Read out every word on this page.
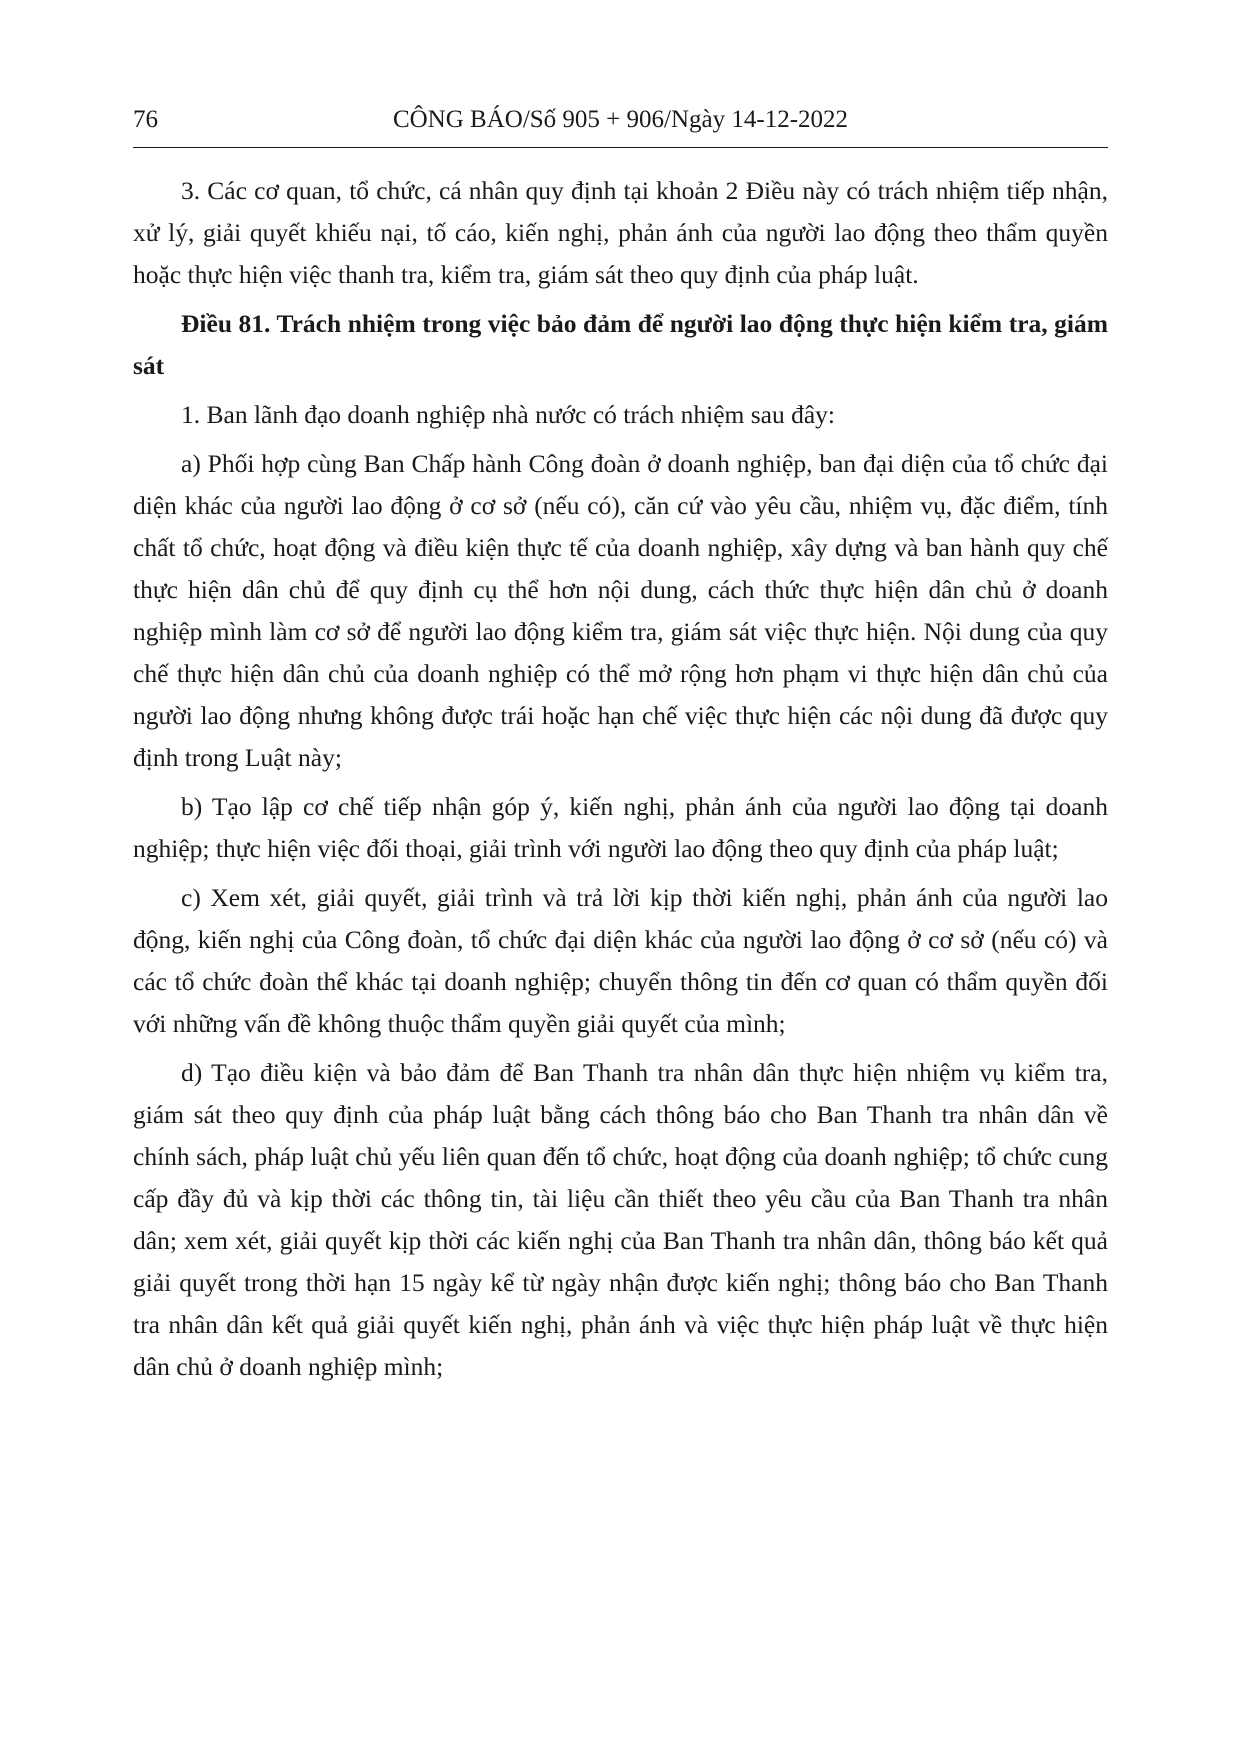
76	CÔNG BÁO/Số 905 + 906/Ngày 14-12-2022

3. Các cơ quan, tổ chức, cá nhân quy định tại khoản 2 Điều này có trách nhiệm tiếp nhận, xử lý, giải quyết khiếu nại, tố cáo, kiến nghị, phản ánh của người lao động theo thẩm quyền hoặc thực hiện việc thanh tra, kiểm tra, giám sát theo quy định của pháp luật.

Điều 81. Trách nhiệm trong việc bảo đảm để người lao động thực hiện kiểm tra, giám sát

1. Ban lãnh đạo doanh nghiệp nhà nước có trách nhiệm sau đây:

a) Phối hợp cùng Ban Chấp hành Công đoàn ở doanh nghiệp, ban đại diện của tổ chức đại diện khác của người lao động ở cơ sở (nếu có), căn cứ vào yêu cầu, nhiệm vụ, đặc điểm, tính chất tổ chức, hoạt động và điều kiện thực tế của doanh nghiệp, xây dựng và ban hành quy chế thực hiện dân chủ để quy định cụ thể hơn nội dung, cách thức thực hiện dân chủ ở doanh nghiệp mình làm cơ sở để người lao động kiểm tra, giám sát việc thực hiện. Nội dung của quy chế thực hiện dân chủ của doanh nghiệp có thể mở rộng hơn phạm vi thực hiện dân chủ của người lao động nhưng không được trái hoặc hạn chế việc thực hiện các nội dung đã được quy định trong Luật này;

b) Tạo lập cơ chế tiếp nhận góp ý, kiến nghị, phản ánh của người lao động tại doanh nghiệp; thực hiện việc đối thoại, giải trình với người lao động theo quy định của pháp luật;

c) Xem xét, giải quyết, giải trình và trả lời kịp thời kiến nghị, phản ánh của người lao động, kiến nghị của Công đoàn, tổ chức đại diện khác của người lao động ở cơ sở (nếu có) và các tổ chức đoàn thể khác tại doanh nghiệp; chuyển thông tin đến cơ quan có thẩm quyền đối với những vấn đề không thuộc thẩm quyền giải quyết của mình;

d) Tạo điều kiện và bảo đảm để Ban Thanh tra nhân dân thực hiện nhiệm vụ kiểm tra, giám sát theo quy định của pháp luật bằng cách thông báo cho Ban Thanh tra nhân dân về chính sách, pháp luật chủ yếu liên quan đến tổ chức, hoạt động của doanh nghiệp; tổ chức cung cấp đầy đủ và kịp thời các thông tin, tài liệu cần thiết theo yêu cầu của Ban Thanh tra nhân dân; xem xét, giải quyết kịp thời các kiến nghị của Ban Thanh tra nhân dân, thông báo kết quả giải quyết trong thời hạn 15 ngày kể từ ngày nhận được kiến nghị; thông báo cho Ban Thanh tra nhân dân kết quả giải quyết kiến nghị, phản ánh và việc thực hiện pháp luật về thực hiện dân chủ ở doanh nghiệp mình;
